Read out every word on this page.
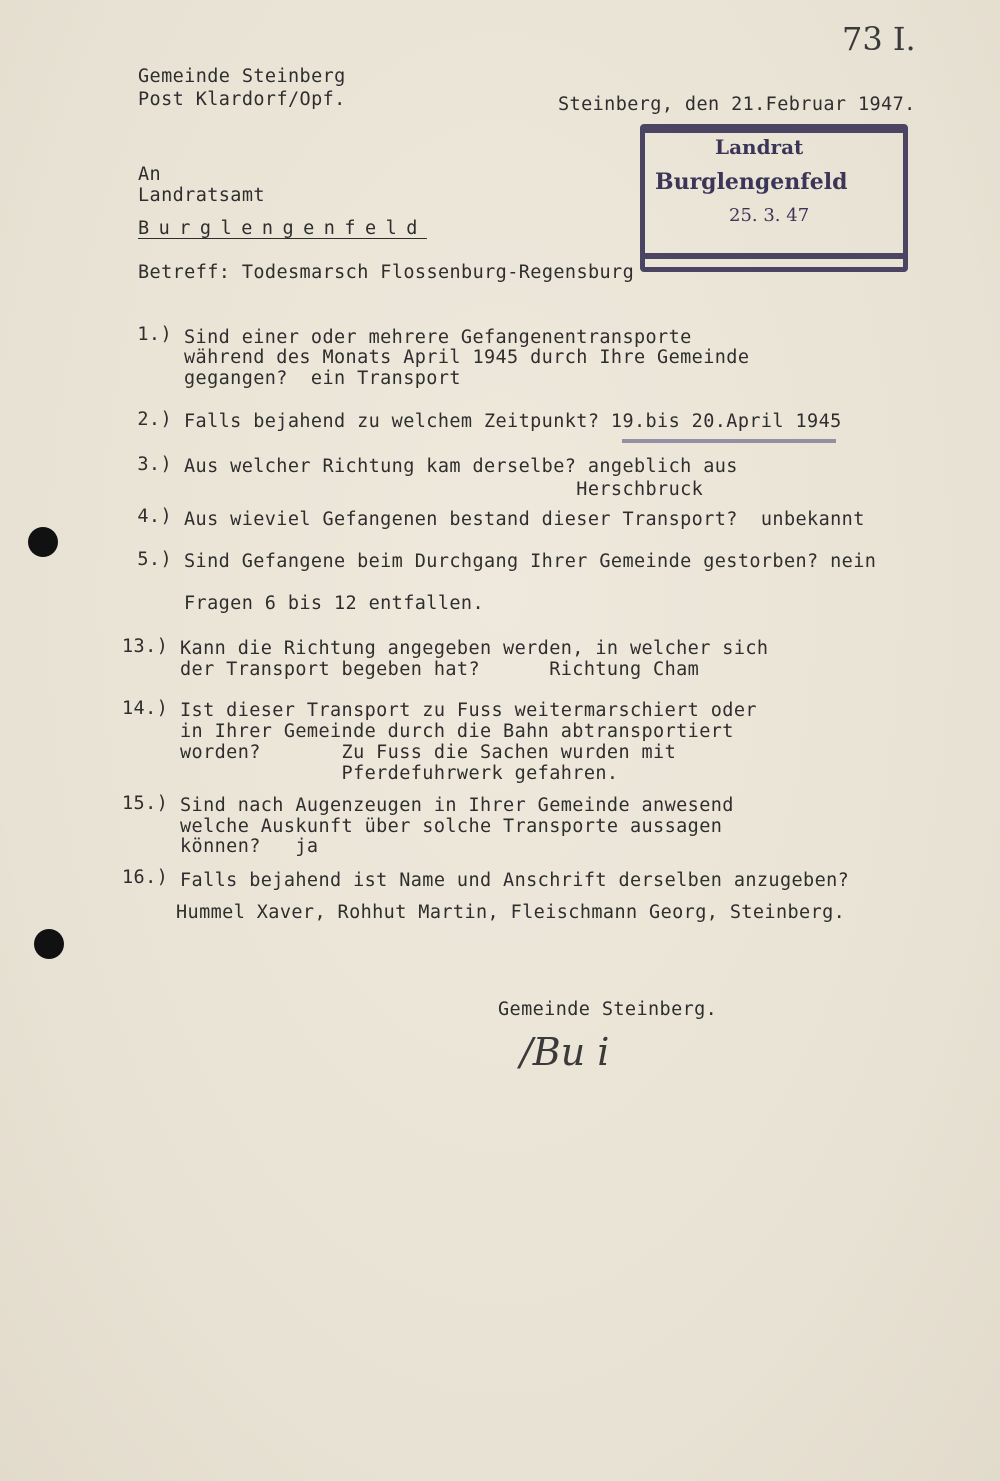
73 I.
Gemeinde Steinberg
Post Klardorf/Opf.	Steinberg, den 21.Februar 1947.
Landrat
Burglengenfeld
25. 3. 47
An
Landratsamt
Burglengenfeld
Betreff: Todesmarsch Flossenburg-Regensburg
1.) Sind einer oder mehrere Gefangenentransporte
während des Monats April 1945 durch Ihre Gemeinde
gegangen?  ein Transport
2.) Falls bejahend zu welchem Zeitpunkt? 19.bis 20.April 1945
3.) Aus welcher Richtung kam derselbe? angeblich aus
Herschbruck
4.) Aus wieviel Gefangenen bestand dieser Transport?  unbekannt
5.) Sind Gefangene beim Durchgang Ihrer Gemeinde gestorben? nein
Fragen 6 bis 12 entfallen.
13.) Kann die Richtung angegeben werden, in welcher sich
der Transport begeben hat?      Richtung Cham
14.) Ist dieser Transport zu Fuss weitermarschiert oder
in Ihrer Gemeinde durch die Bahn abtransportiert
worden?       Zu Fuss die Sachen wurden mit
Pferdefuhrwerk gefahren.
15.) Sind nach Augenzeugen in Ihrer Gemeinde anwesend
welche Auskunft über solche Transporte aussagen
können?   ja
16.) Falls bejahend ist Name und Anschrift derselben anzugeben?
Hummel Xaver, Rohhut Martin, Fleischmann Georg, Steinberg.
Gemeinde Steinberg.
/Bu i
